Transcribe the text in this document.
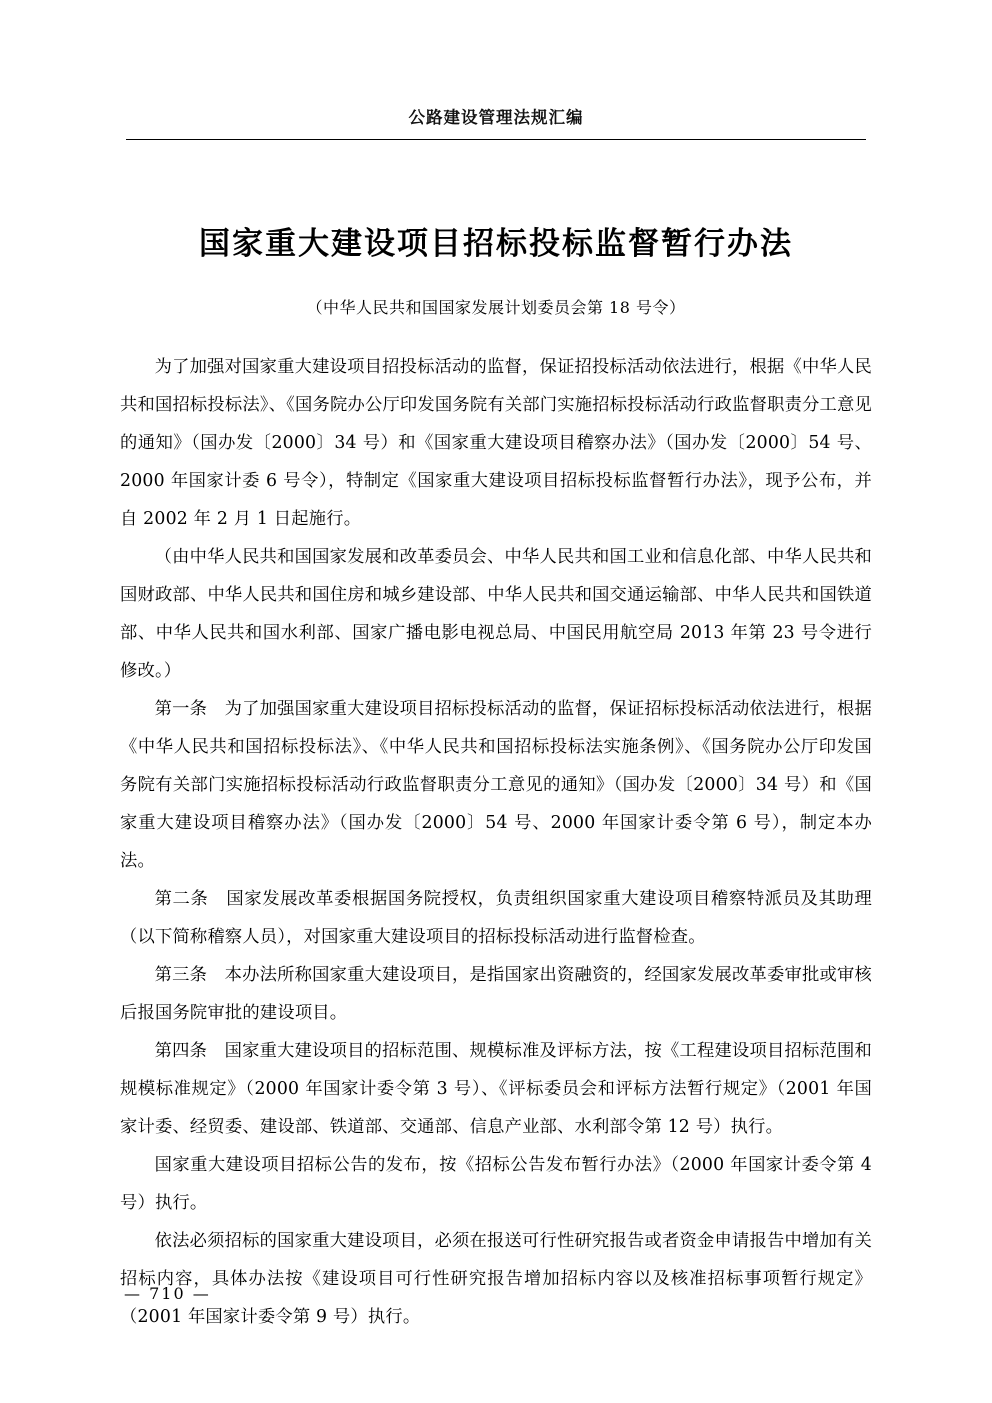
公路建设管理法规汇编
国家重大建设项目招标投标监督暂行办法
（中华人民共和国国家发展计划委员会第 18 号令）

为了加强对国家重大建设项目招投标活动的监督，保证招投标活动依法进行，根据《中华人民共和国招标投标法》、《国务院办公厅印发国务院有关部门实施招标投标活动行政监督职责分工意见的通知》（国办发〔2000〕34 号）和《国家重大建设项目稽察办法》（国办发〔2000〕54 号、2000 年国家计委 6 号令），特制定《国家重大建设项目招标投标监督暂行办法》，现予公布，并自 2002 年 2 月 1 日起施行。

（由中华人民共和国国家发展和改革委员会、中华人民共和国工业和信息化部、中华人民共和国财政部、中华人民共和国住房和城乡建设部、中华人民共和国交通运输部、中华人民共和国铁道部、中华人民共和国水利部、国家广播电影电视总局、中国民用航空局 2013 年第 23 号令进行修改。）

第一条　为了加强国家重大建设项目招标投标活动的监督，保证招标投标活动依法进行，根据《中华人民共和国招标投标法》、《中华人民共和国招标投标法实施条例》、《国务院办公厅印发国务院有关部门实施招标投标活动行政监督职责分工意见的通知》（国办发〔2000〕34 号）和《国家重大建设项目稽察办法》（国办发〔2000〕54 号、2000 年国家计委令第 6 号），制定本办法。

第二条　国家发展改革委根据国务院授权，负责组织国家重大建设项目稽察特派员及其助理（以下简称稽察人员），对国家重大建设项目的招标投标活动进行监督检查。

第三条　本办法所称国家重大建设项目，是指国家出资融资的，经国家发展改革委审批或审核后报国务院审批的建设项目。

第四条　国家重大建设项目的招标范围、规模标准及评标方法，按《工程建设项目招标范围和规模标准规定》（2000 年国家计委令第 3 号）、《评标委员会和评标方法暂行规定》（2001 年国家计委、经贸委、建设部、铁道部、交通部、信息产业部、水利部令第 12 号）执行。

国家重大建设项目招标公告的发布，按《招标公告发布暂行办法》（2000 年国家计委令第 4 号）执行。

依法必须招标的国家重大建设项目，必须在报送可行性研究报告或者资金申请报告中增加有关招标内容，具体办法按《建设项目可行性研究报告增加招标内容以及核准招标事项暂行规定》（2001 年国家计委令第 9 号）执行。

— 710 —
